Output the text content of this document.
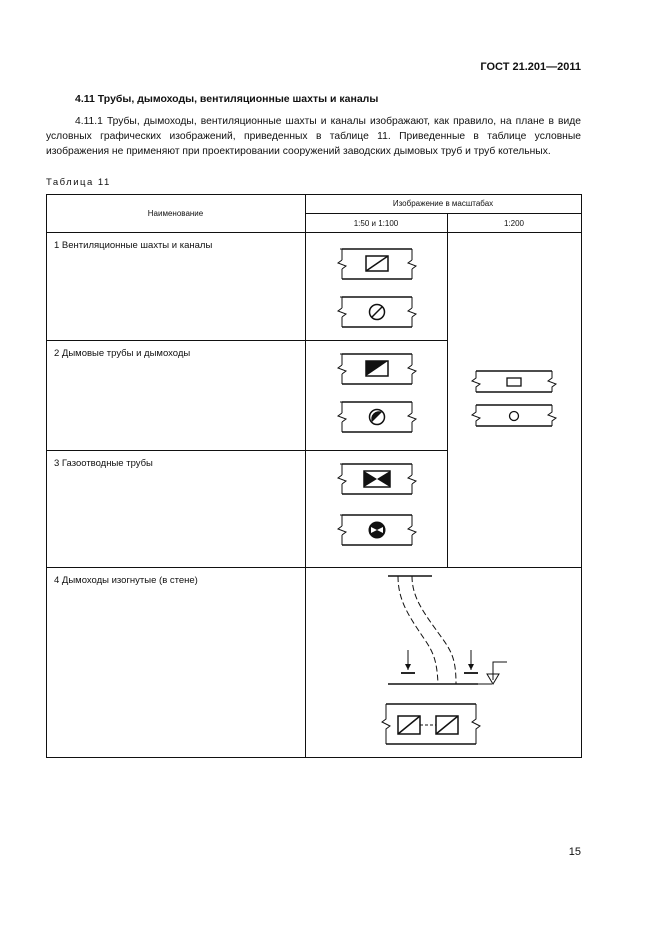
ГОСТ 21.201—2011
4.11 Трубы, дымоходы, вентиляционные шахты и каналы

4.11.1 Трубы, дымоходы, вентиляционные шахты и каналы изображают, как правило, на плане в виде условных графических изображений, приведенных в таблице 11. Приведенные в таблице условные изображения не применяют при проектировании сооружений заводских дымовых труб и труб котельных.

Таблица 11
Наименование
Изображение в масштабах
1:50 и 1:100	1:200
1 Вентиляционные шахты и каналы
2 Дымовые трубы и дымоходы
3 Газоотводные трубы
4 Дымоходы изогнутые (в стене)
15
